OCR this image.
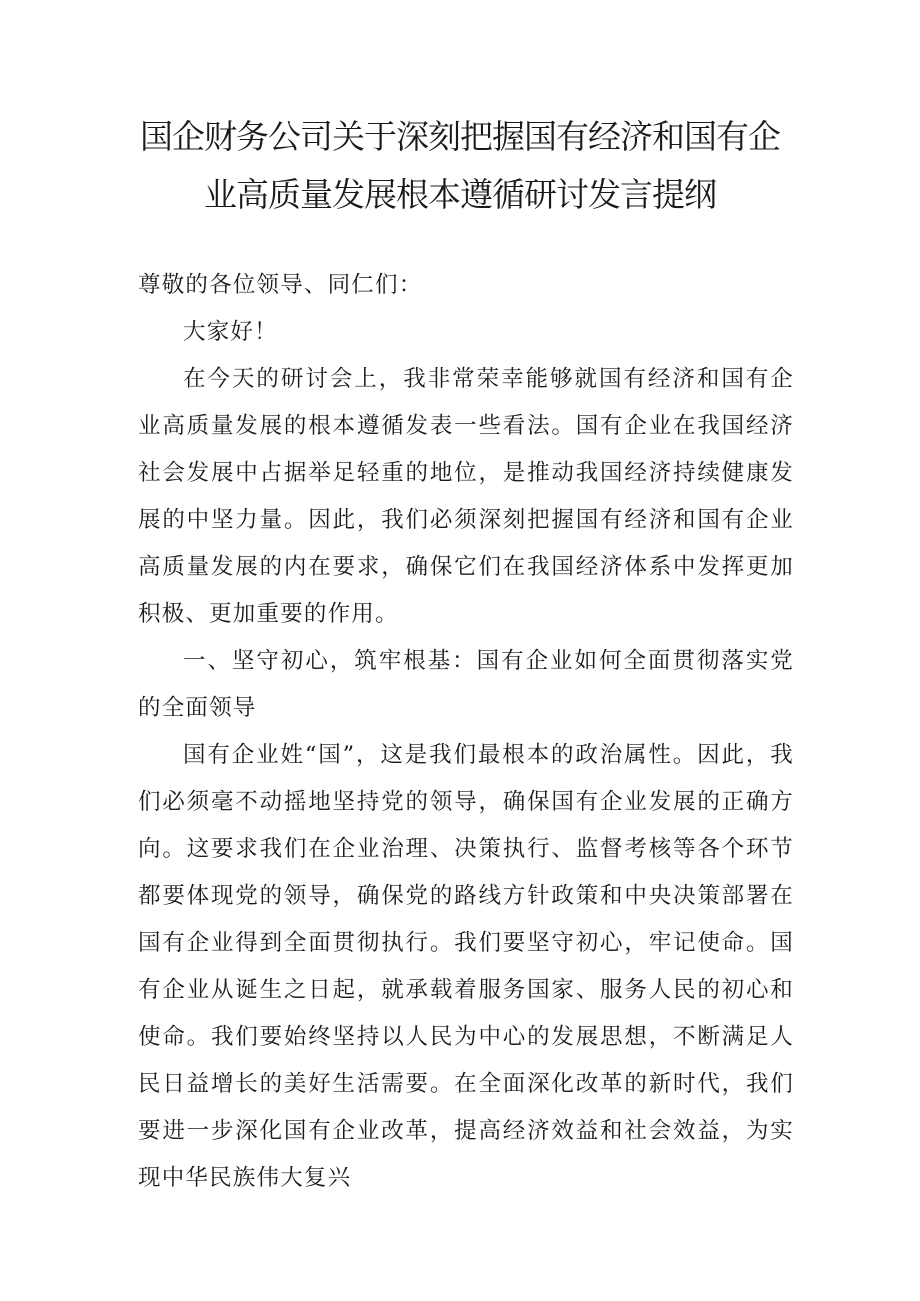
国企财务公司关于深刻把握国有经济和国有企
业高质量发展根本遵循研讨发言提纲

尊敬的各位领导、同仁们：

大家好！

在今天的研讨会上，我非常荣幸能够就国有经济和国有企业高质量发展的根本遵循发表一些看法。国有企业在我国经济社会发展中占据举足轻重的地位，是推动我国经济持续健康发展的中坚力量。因此，我们必须深刻把握国有经济和国有企业高质量发展的内在要求，确保它们在我国经济体系中发挥更加积极、更加重要的作用。

一、坚守初心，筑牢根基：国有企业如何全面贯彻落实党的全面领导

国有企业姓“国”，这是我们最根本的政治属性。因此，我们必须毫不动摇地坚持党的领导，确保国有企业发展的正确方向。这要求我们在企业治理、决策执行、监督考核等各个环节都要体现党的领导，确保党的路线方针政策和中央决策部署在国有企业得到全面贯彻执行。我们要坚守初心，牢记使命。国有企业从诞生之日起，就承载着服务国家、服务人民的初心和使命。我们要始终坚持以人民为中心的发展思想，不断满足人民日益增长的美好生活需要。在全面深化改革的新时代，我们要进一步深化国有企业改革，提高经济效益和社会效益，为实现中华民族伟大复兴
